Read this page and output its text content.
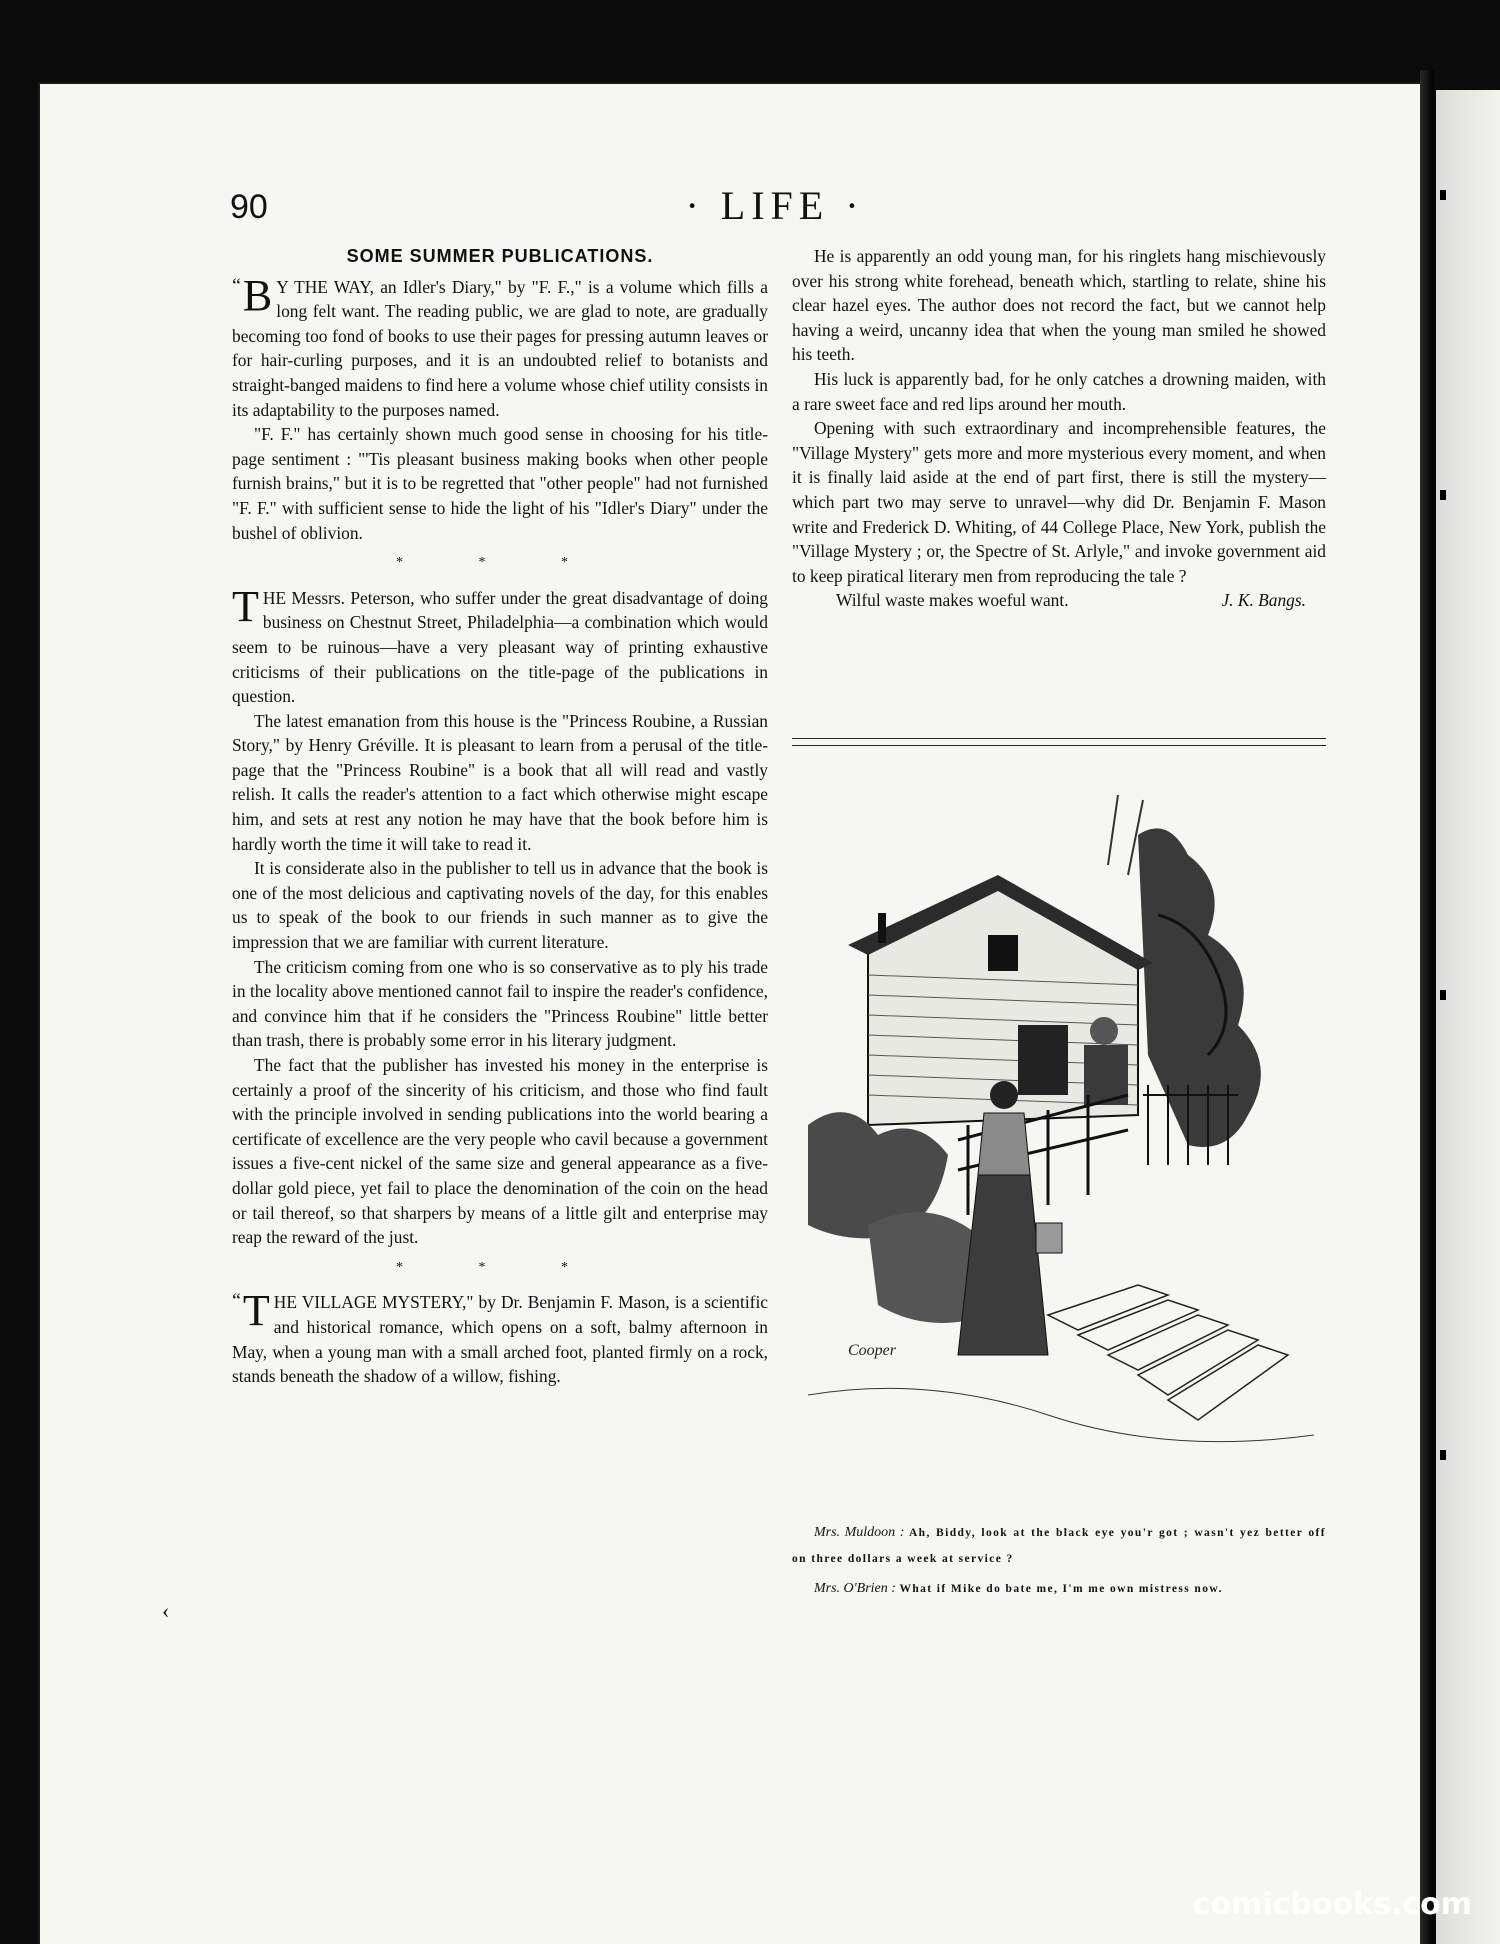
90	· LIFE ·
SOME SUMMER PUBLICATIONS.

“ B Y THE WAY, an Idler's Diary," by "F. F.," is a volume which fills a long felt want. The reading public, we are glad to note, are gradually becoming too fond of books to use their pages for pressing autumn leaves or for hair-curling purposes, and it is an undoubted relief to botanists and straight-banged maidens to find here a volume whose chief utility consists in its adaptability to the purposes named.

"F. F." has certainly shown much good sense in choosing for his title-page sentiment : "'Tis pleasant business making books when other people furnish brains," but it is to be regretted that "other people" had not furnished "F. F." with sufficient sense to hide the light of his "Idler's Diary" under the bushel of oblivion.

* * *

THE Messrs. Peterson, who suffer under the great disadvantage of doing business on Chestnut Street, Philadelphia—a combination which would seem to be ruinous—have a very pleasant way of printing exhaustive criticisms of their publications on the title-page of the publications in question.

The latest emanation from this house is the "Princess Roubine, a Russian Story," by Henry Gréville. It is pleasant to learn from a perusal of the title-page that the "Princess Roubine" is a book that all will read and vastly relish. It calls the reader's attention to a fact which otherwise might escape him, and sets at rest any notion he may have that the book before him is hardly worth the time it will take to read it.

It is considerate also in the publisher to tell us in advance that the book is one of the most delicious and captivating novels of the day, for this enables us to speak of the book to our friends in such manner as to give the impression that we are familiar with current literature.

The criticism coming from one who is so conservative as to ply his trade in the locality above mentioned cannot fail to inspire the reader's confidence, and convince him that if he considers the "Princess Roubine" little better than trash, there is probably some error in his literary judgment.

The fact that the publisher has invested his money in the enterprise is certainly a proof of the sincerity of his criticism, and those who find fault with the principle involved in sending publications into the world bearing a certificate of excellence are the very people who cavil because a government issues a five-cent nickel of the same size and general appearance as a five-dollar gold piece, yet fail to place the denomination of the coin on the head or tail thereof, so that sharpers by means of a little gilt and enterprise may reap the reward of the just.

* * *

“ T HE VILLAGE MYSTERY," by Dr. Benjamin F. Mason, is a scientific and historical romance, which opens on a soft, balmy afternoon in May, when a young man with a small arched foot, planted firmly on a rock, stands beneath the shadow of a willow, fishing.

‹

He is apparently an odd young man, for his ringlets hang mischievously over his strong white forehead, beneath which, startling to relate, shine his clear hazel eyes. The author does not record the fact, but we cannot help having a weird, uncanny idea that when the young man smiled he showed his teeth.

His luck is apparently bad, for he only catches a drowning maiden, with a rare sweet face and red lips around her mouth.

Opening with such extraordinary and incomprehensible features, the "Village Mystery" gets more and more mysterious every moment, and when it is finally laid aside at the end of part first, there is still the mystery—which part two may serve to unravel—why did Dr. Benjamin F. Mason write and Frederick D. Whiting, of 44 College Place, New York, publish the "Village Mystery ; or, the Spectre of St. Arlyle," and invoke government aid to keep piratical literary men from reproducing the tale ?

Wilful waste makes woeful want.	J. K. Bangs.

Cooper

Mrs. Muldoon : Ah, Biddy, look at the black eye you'r got ; wasn't yez better off on three dollars a week at service ?

Mrs. O'Brien : What if Mike do bate me, I'm me own mistress now.

comicbooks.com
